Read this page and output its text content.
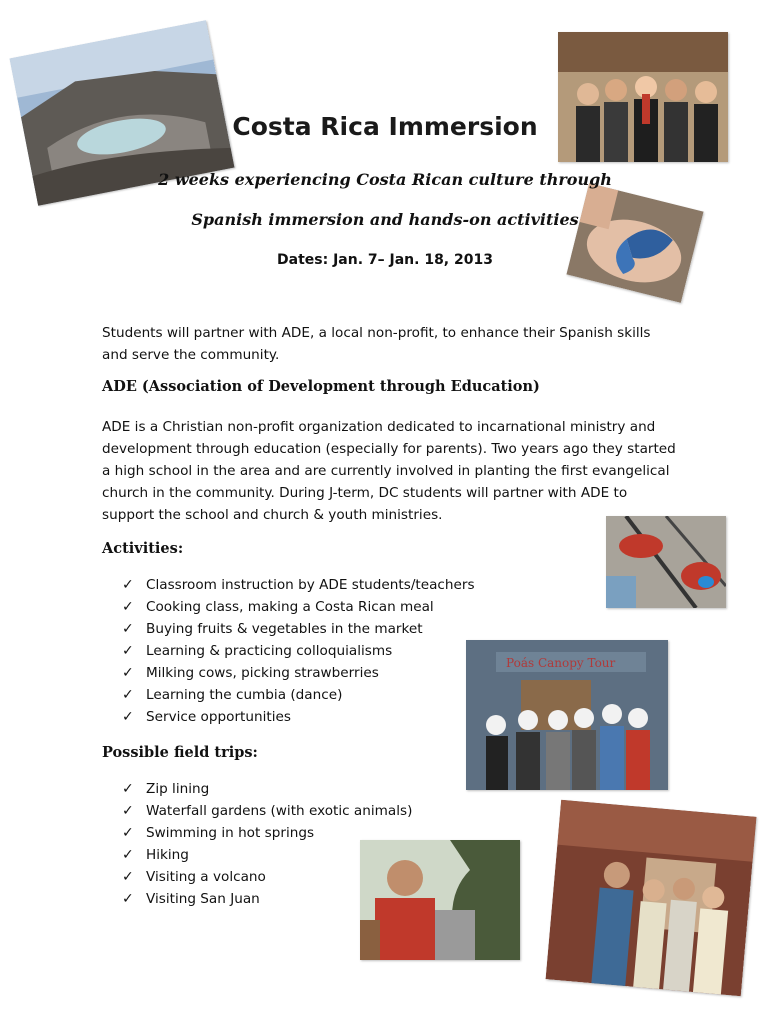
Poás Canopy Tour
Costa Rica Immersion
2 weeks experiencing Costa Rican culture through
Spanish immersion and hands-on activities
Dates: Jan. 7– Jan. 18, 2013
Students will partner with ADE, a local non-profit, to enhance their Spanish skills and serve the community.
ADE (Association of Development through Education)
ADE is a Christian non-profit organization dedicated to incarnational ministry and development through education (especially for parents). Two years ago they started a high school in the area and are currently involved in planting the first evangelical church in the community. During J-term, DC students will partner with ADE to support the school and church & youth ministries.
Activities:
✓ Classroom instruction by ADE students/teachers
✓ Cooking class, making a Costa Rican meal
✓ Buying fruits & vegetables in the market
✓ Learning & practicing colloquialisms
✓ Milking cows, picking strawberries
✓ Learning the cumbia (dance)
✓ Service opportunities
Possible field trips:
✓ Zip lining
✓ Waterfall gardens (with exotic animals)
✓ Swimming in hot springs
✓ Hiking
✓ Visiting a volcano
✓ Visiting San Juan
